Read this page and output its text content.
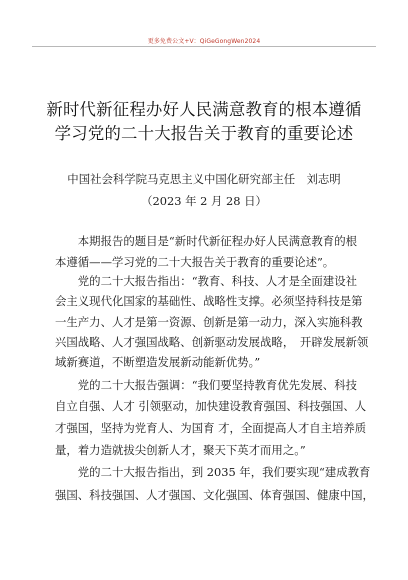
更多免费公文+V：QiGeGongWen2024
新时代新征程办好人民满意教育的根本遵循
学习党的二十大报告关于教育的重要论述
中国社会科学院马克思主义中国化研究部主任　刘志明
（2023 年 2 月 28 日）
　　本期报告的题目是“新时代新征程办好人民满意教育的根
本遵循——学习党的二十大报告关于教育的重要论述”。
　　党的二十大报告指出：“教育、科技、人才是全面建设社
会主义现代化国家的基础性、战略性支撑。必须坚持科技是第
一生产力、人才是第一资源、创新是第一动力，深入实施科教
兴国战略、人才强国战略、创新驱动发展战略，　开辟发展新领
域新赛道，不断塑造发展新动能新优势。”
　　党的二十大报告强调：“我们要坚持教育优先发展、科技
自立自强、人才 引领驱动，加快建设教育强国、科技强国、人
才强国，坚持为党育人、为国育 才，全面提高人才自主培养质
量，着力造就拔尖创新人才，聚天下英才而用之。”
　　党的二十大报告指出，到 2035 年，我们要实现“建成教育
强国、科技强国、人才强国、文化强国、体育强国、健康中国，
